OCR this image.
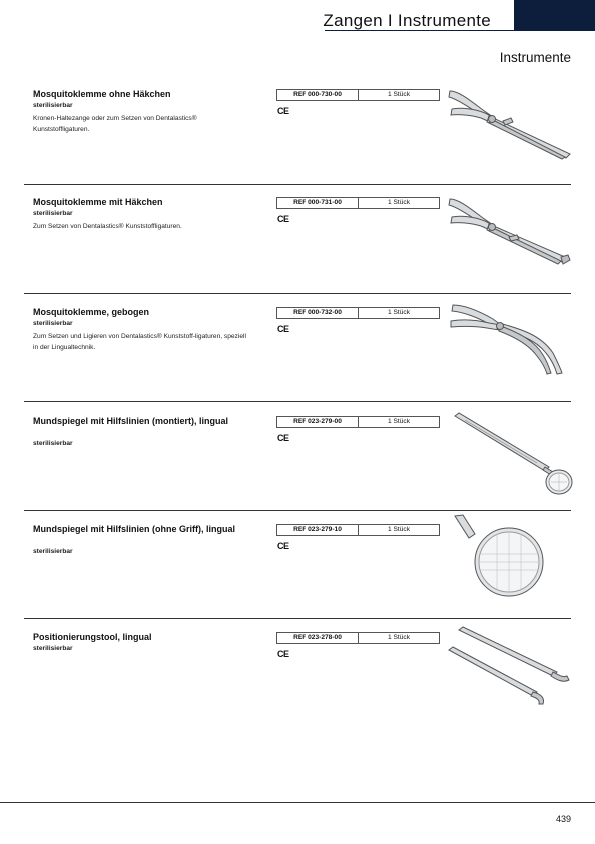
Zangen I Instrumente
Instrumente
Mosquitoklemme ohne Häkchen
sterilisierbar
Kronen-Haltezange oder zum Setzen von Dentalastics® Kunststoffligaturen.
REF 000-730-00	1 Stück
CE
Mosquitoklemme mit Häkchen
sterilisierbar
Zum Setzen von Dentalastics® Kunststoffligaturen.
REF 000-731-00	1 Stück
CE
Mosquitoklemme, gebogen
sterilisierbar
Zum Setzen und Ligieren von Dentalastics® Kunststoff-ligaturen, speziell in der Lingualtechnik.
REF 000-732-00	1 Stück
CE
Mundspiegel mit Hilfslinien (montiert), lingual
sterilisierbar
REF 023-279-00	1 Stück
CE
Mundspiegel mit Hilfslinien (ohne Griff), lingual
sterilisierbar
REF 023-279-10	1 Stück
CE
Positionierungstool, lingual
sterilisierbar
REF 023-278-00	1 Stück
CE
439
